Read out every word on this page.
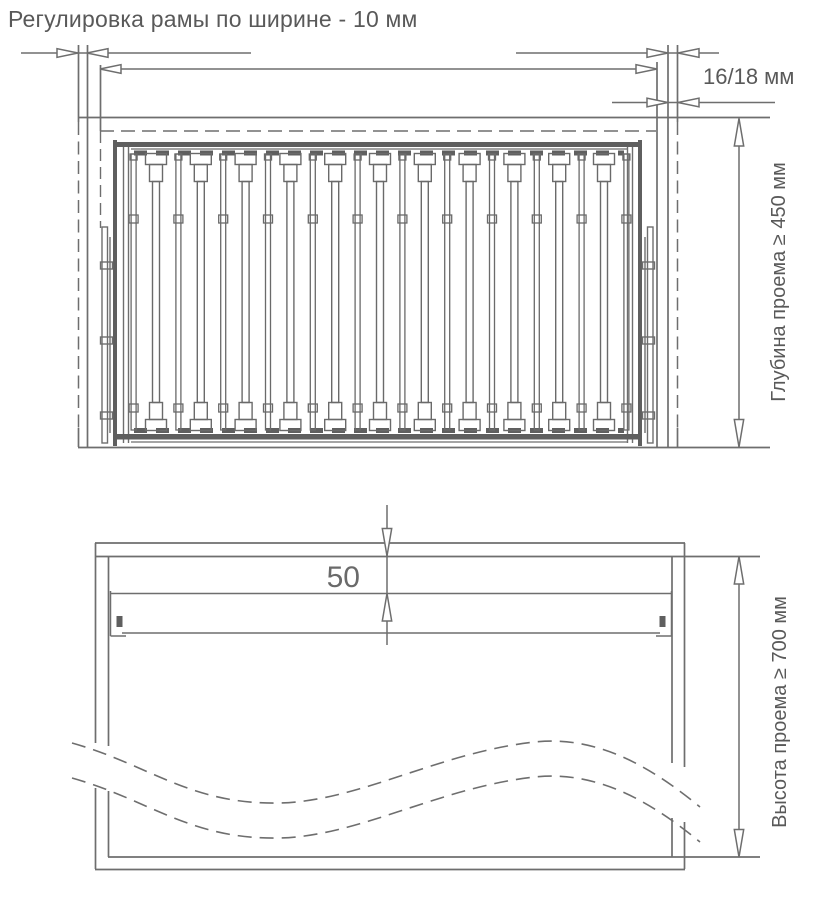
Регулировка рамы по ширине - 10 мм
16/18 мм
50
Глубина проема ≥ 450 мм
Высота проема ≥ 700 мм
